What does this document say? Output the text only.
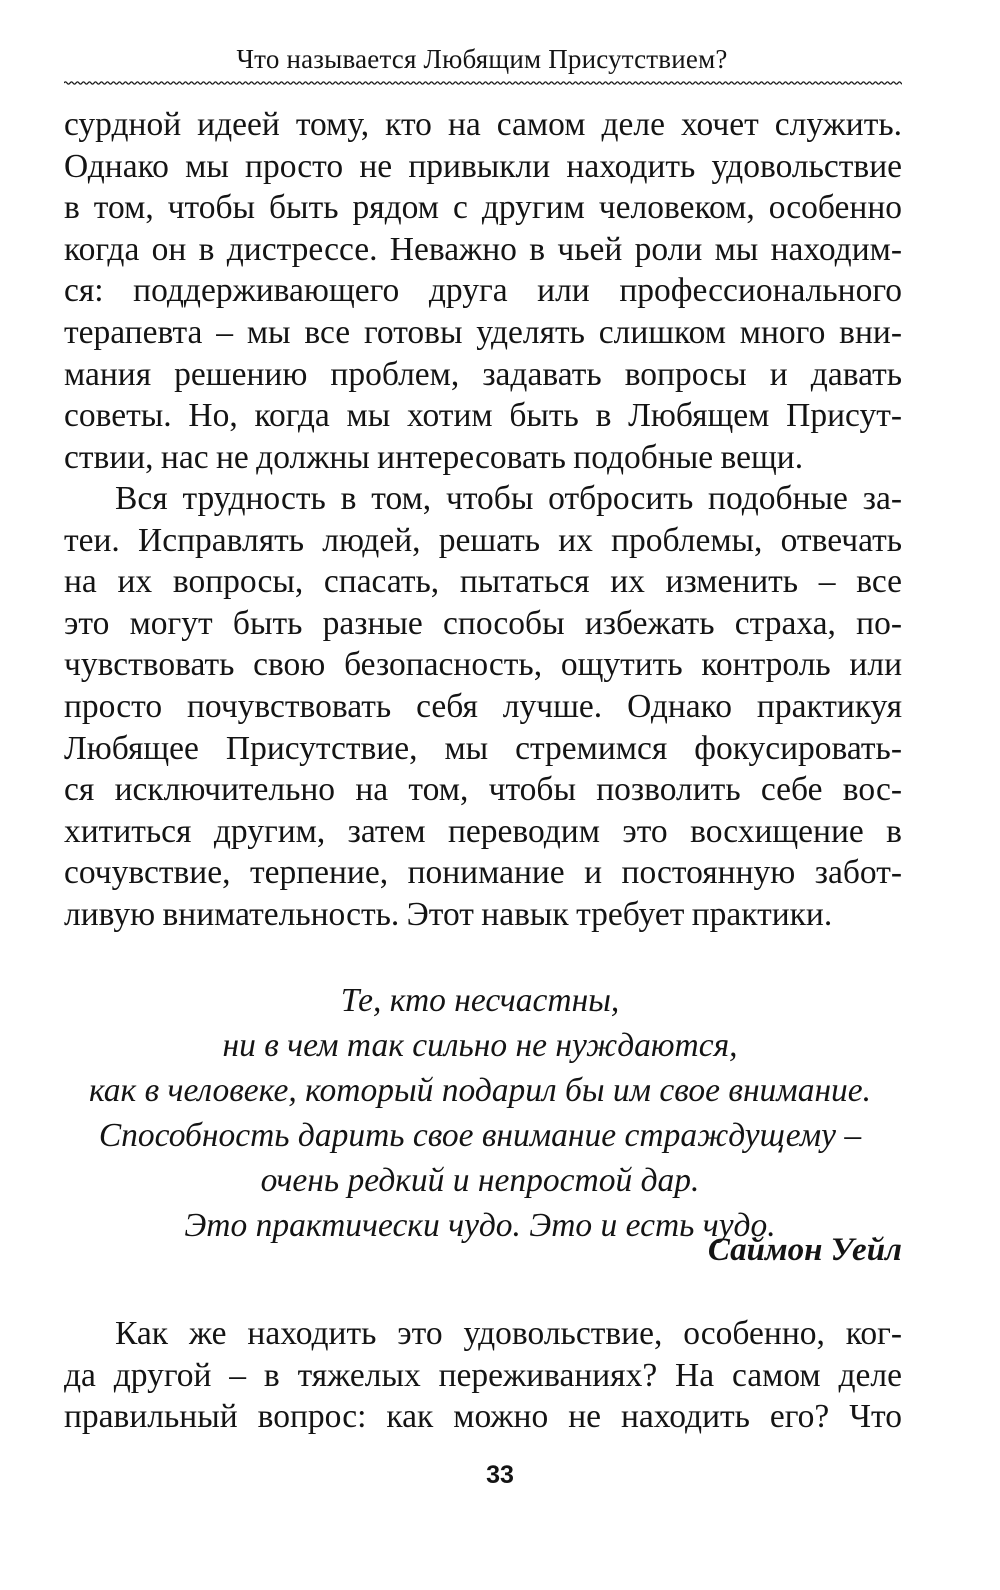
Что называется Любящим Присутствием?
сурдной идеей тому, кто на самом деле хочет служить.
Однако мы просто не привыкли находить удовольствие
в том, чтобы быть рядом с другим человеком, особенно
когда он в дистрессе. Неважно в чьей роли мы находим-
ся: поддерживающего друга или профессионального
терапевта – мы все готовы уделять слишком много вни-
мания решению проблем, задавать вопросы и давать
советы. Но, когда мы хотим быть в Любящем Присут-
ствии, нас не должны интересовать подобные вещи.
Вся трудность в том, чтобы отбросить подобные за-
теи. Исправлять людей, решать их проблемы, отвечать
на их вопросы, спасать, пытаться их изменить – все
это могут быть разные способы избежать страха, по-
чувствовать свою безопасность, ощутить контроль или
просто почувствовать себя лучше. Однако практикуя
Любящее Присутствие, мы стремимся фокусировать-
ся исключительно на том, чтобы позволить себе вос-
хититься другим, затем переводим это восхищение в
сочувствие, терпение, понимание и постоянную забот-
ливую внимательность. Этот навык требует практики.
Те, кто несчастны,
ни в чем так сильно не нуждаются,
как в человеке, который подарил бы им свое внимание.
Способность дарить свое внимание страждущему –
очень редкий и непростой дар.
Это практически чудо. Это и есть чудо.
Саймон Уейл
Как же находить это удовольствие, особенно, ког-
да другой – в тяжелых переживаниях? На самом деле
правильный вопрос: как можно не находить его? Что
33
